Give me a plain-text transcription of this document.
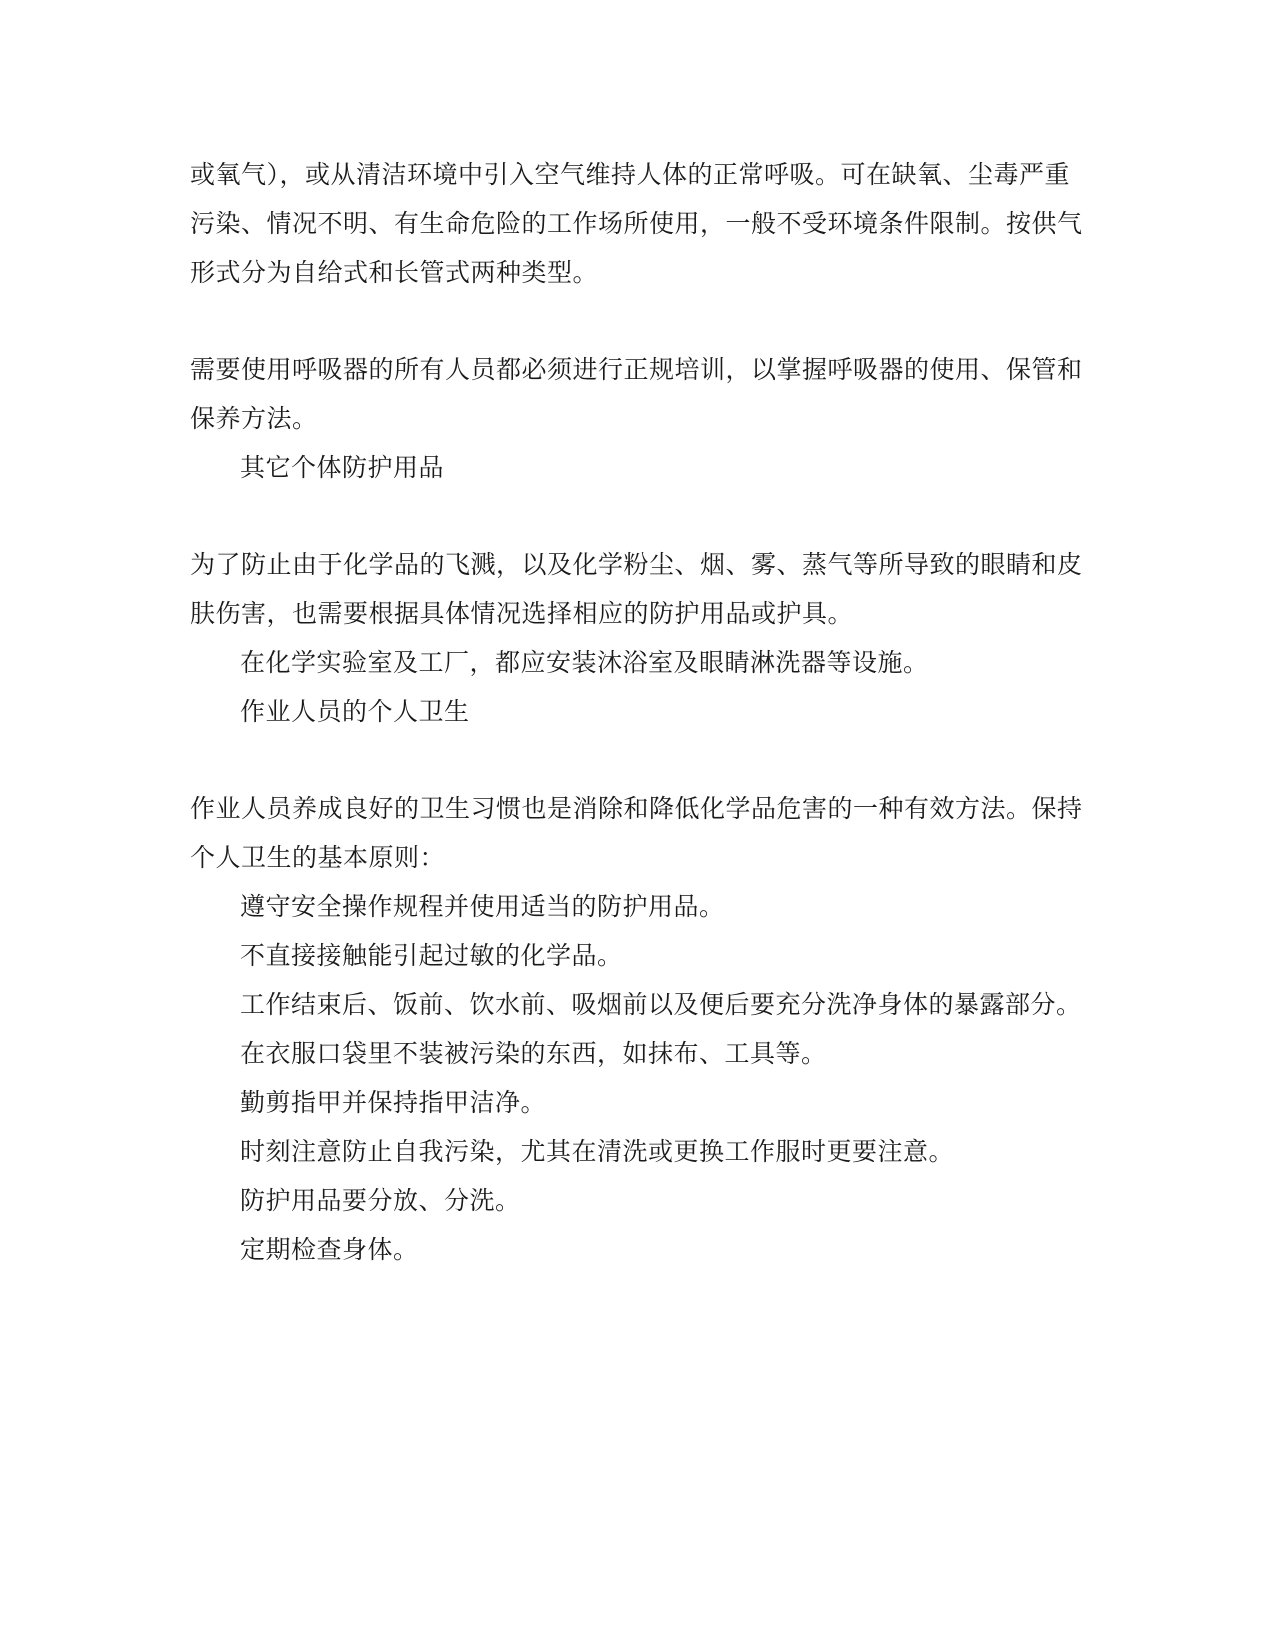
或氧气），或从清洁环境中引入空气维持人体的正常呼吸。可在缺氧、尘毒严重
污染、情况不明、有生命危险的工作场所使用，一般不受环境条件限制。按供气
形式分为自给式和长管式两种类型。
需要使用呼吸器的所有人员都必须进行正规培训，以掌握呼吸器的使用、保管和
保养方法。
其它个体防护用品
为了防止由于化学品的飞溅，以及化学粉尘、烟、雾、蒸气等所导致的眼睛和皮
肤伤害，也需要根据具体情况选择相应的防护用品或护具。
在化学实验室及工厂，都应安装沐浴室及眼睛淋洗器等设施。
作业人员的个人卫生
作业人员养成良好的卫生习惯也是消除和降低化学品危害的一种有效方法。保持
个人卫生的基本原则：
遵守安全操作规程并使用适当的防护用品。
不直接接触能引起过敏的化学品。
工作结束后、饭前、饮水前、吸烟前以及便后要充分洗净身体的暴露部分。
在衣服口袋里不装被污染的东西，如抹布、工具等。
勤剪指甲并保持指甲洁净。
时刻注意防止自我污染，尤其在清洗或更换工作服时更要注意。
防护用品要分放、分洗。
定期检查身体。
